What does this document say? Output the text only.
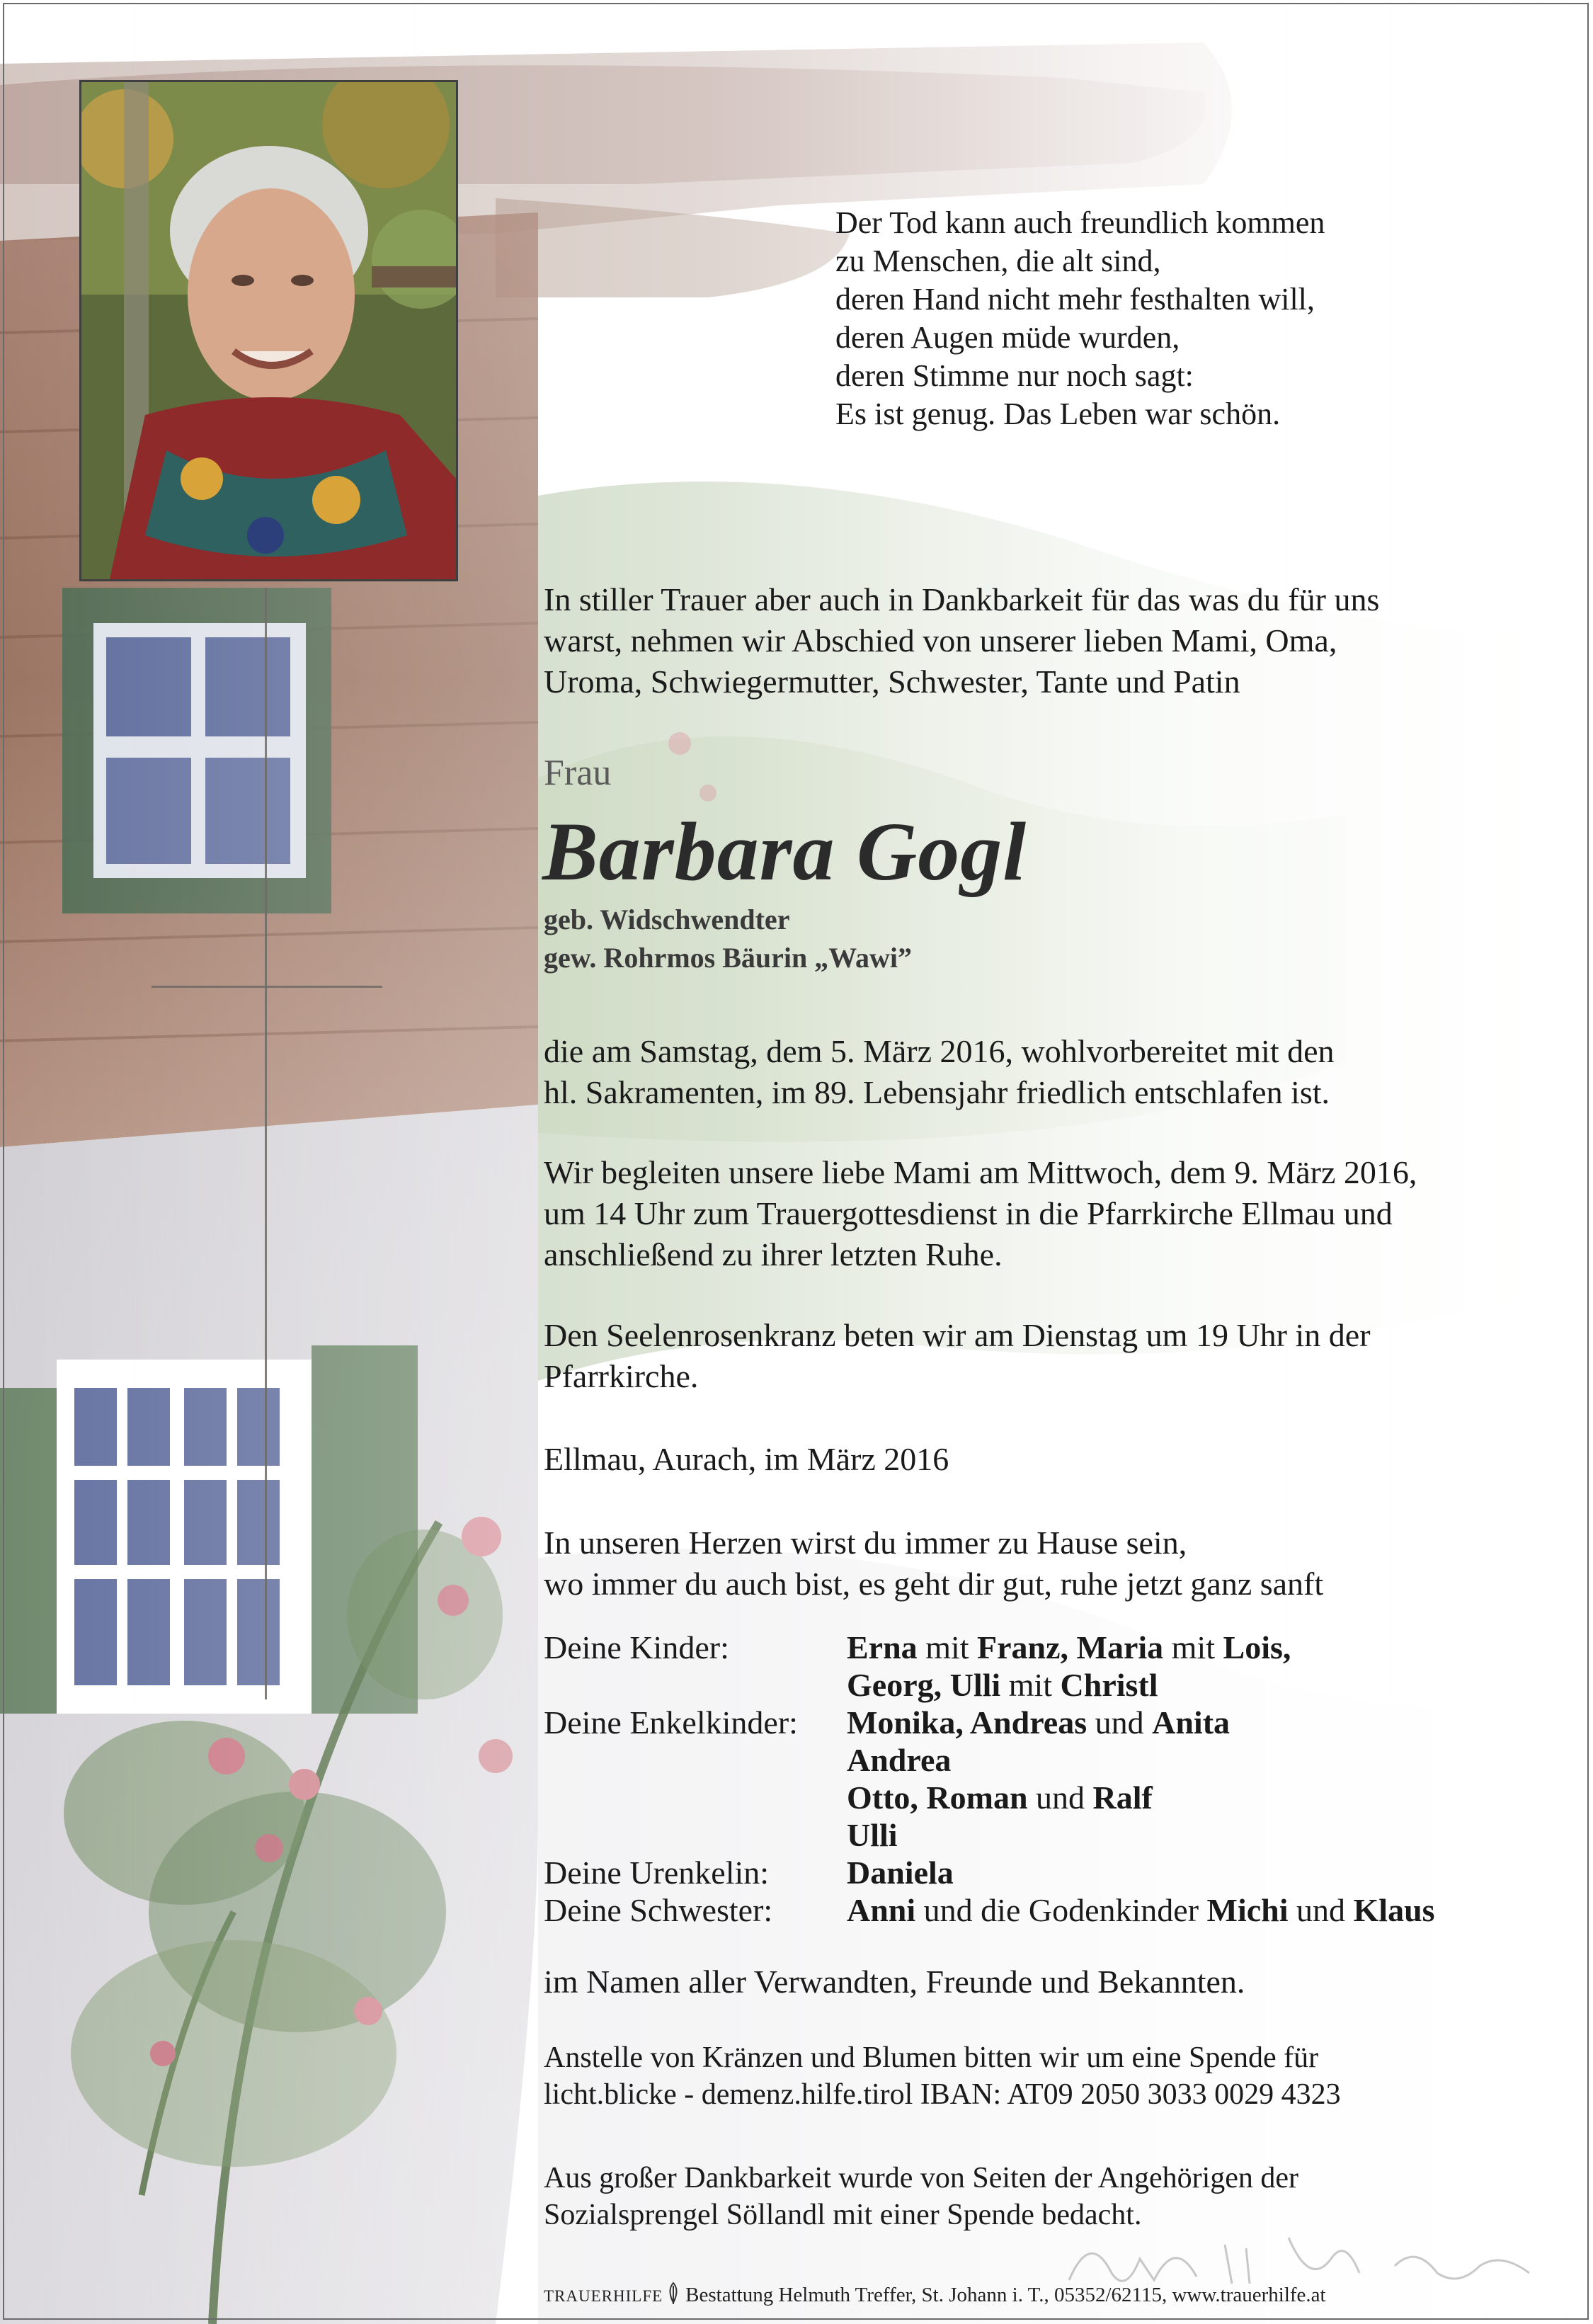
Der Tod kann auch freundlich kommen
zu Menschen, die alt sind,
deren Hand nicht mehr festhalten will,
deren Augen müde wurden,
deren Stimme nur noch sagt:
Es ist genug. Das Leben war schön.
In stiller Trauer aber auch in Dankbarkeit für das was du für uns
warst, nehmen wir Abschied von unserer lieben Mami, Oma,
Uroma, Schwiegermutter, Schwester, Tante und Patin
Frau
Barbara Gogl
geb. Widschwendter
gew. Rohrmos Bäurin „Wawi”
die am Samstag, dem 5. März 2016, wohlvorbereitet mit den
hl. Sakramenten, im 89. Lebensjahr friedlich entschlafen ist.
Wir begleiten unsere liebe Mami am Mittwoch, dem 9. März 2016,
um 14 Uhr zum Trauergottesdienst in die Pfarrkirche Ellmau und
anschließend zu ihrer letzten Ruhe.
Den Seelenrosenkranz beten wir am Dienstag um 19 Uhr in der
Pfarrkirche.
Ellmau, Aurach, im März 2016
In unseren Herzen wirst du immer zu Hause sein,
wo immer du auch bist, es geht dir gut, ruhe jetzt ganz sanft
Deine Kinder:	Erna mit Franz, Maria mit Lois,
Georg, Ulli mit Christl
Deine Enkelkinder: Monika, Andreas und Anita
Andrea
Otto, Roman und Ralf
Ulli
Deine Urenkelin: Daniela
Deine Schwester: Anni und die Godenkinder Michi und Klaus
im Namen aller Verwandten, Freunde und Bekannten.
Anstelle von Kränzen und Blumen bitten wir um eine Spende für
licht.blicke - demenz.hilfe.tirol IBAN: AT09 2050 3033 0029 4323
Aus großer Dankbarkeit wurde von Seiten der Angehörigen der
Sozialsprengel Söllandl mit einer Spende bedacht.
TRAUERHILFE Bestattung Helmuth Treffer, St. Johann i. T., 05352/62115, www.trauerhilfe.at
